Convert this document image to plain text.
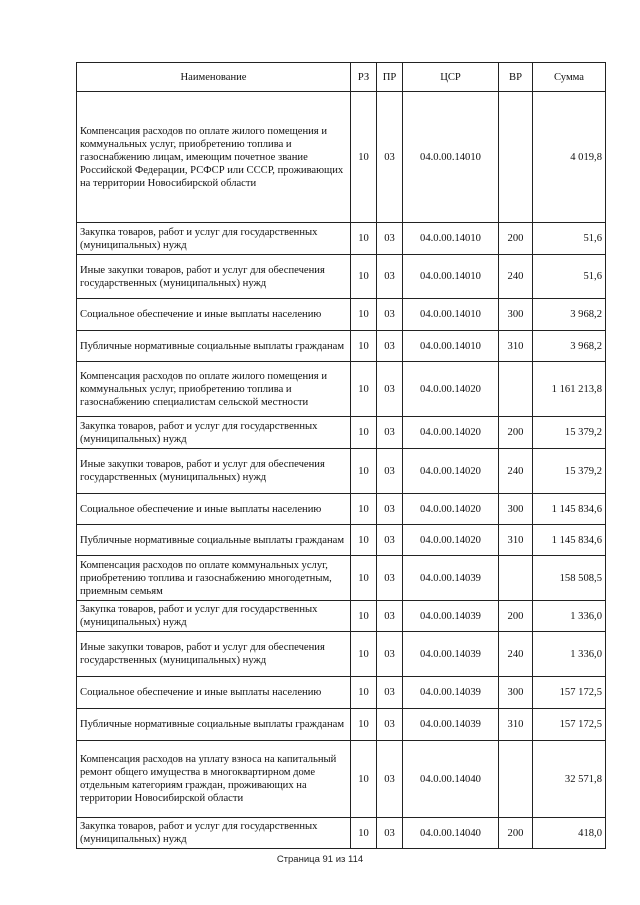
Наименование	РЗ	ПР	ЦСР	ВР	Сумма
Компенсация расходов по оплате жилого помещения и коммунальных услуг, приобретению топлива и газоснабжению лицам, имеющим почетное звание Российской Федерации, РСФСР или СССР, проживающих на территории Новосибирской области	10	03	04.0.00.14010		4 019,8
Закупка товаров, работ и услуг для государственных (муниципальных) нужд	10	03	04.0.00.14010	200	51,6
Иные закупки товаров, работ и услуг для обеспечения государственных (муниципальных) нужд	10	03	04.0.00.14010	240	51,6
Социальное обеспечение и иные выплаты населению	10	03	04.0.00.14010	300	3 968,2
Публичные нормативные социальные выплаты гражданам	10	03	04.0.00.14010	310	3 968,2
Компенсация расходов по оплате жилого помещения и коммунальных услуг, приобретению топлива и газоснабжению специалистам сельской местности	10	03	04.0.00.14020		1 161 213,8
Закупка товаров, работ и услуг для государственных (муниципальных) нужд	10	03	04.0.00.14020	200	15 379,2
Иные закупки товаров, работ и услуг для обеспечения государственных (муниципальных) нужд	10	03	04.0.00.14020	240	15 379,2
Социальное обеспечение и иные выплаты населению	10	03	04.0.00.14020	300	1 145 834,6
Публичные нормативные социальные выплаты гражданам	10	03	04.0.00.14020	310	1 145 834,6
Компенсация расходов по оплате коммунальных услуг, приобретению топлива и газоснабжению многодетным, приемным семьям	10	03	04.0.00.14039		158 508,5
Закупка товаров, работ и услуг для государственных (муниципальных) нужд	10	03	04.0.00.14039	200	1 336,0
Иные закупки товаров, работ и услуг для обеспечения государственных (муниципальных) нужд	10	03	04.0.00.14039	240	1 336,0
Социальное обеспечение и иные выплаты населению	10	03	04.0.00.14039	300	157 172,5
Публичные нормативные социальные выплаты гражданам	10	03	04.0.00.14039	310	157 172,5
Компенсация расходов на уплату взноса на капитальный ремонт общего имущества в многоквартирном доме отдельным категориям граждан, проживающих на территории Новосибирской области	10	03	04.0.00.14040		32 571,8
Закупка товаров, работ и услуг для государственных (муниципальных) нужд	10	03	04.0.00.14040	200	418,0
Страница 91 из 114
